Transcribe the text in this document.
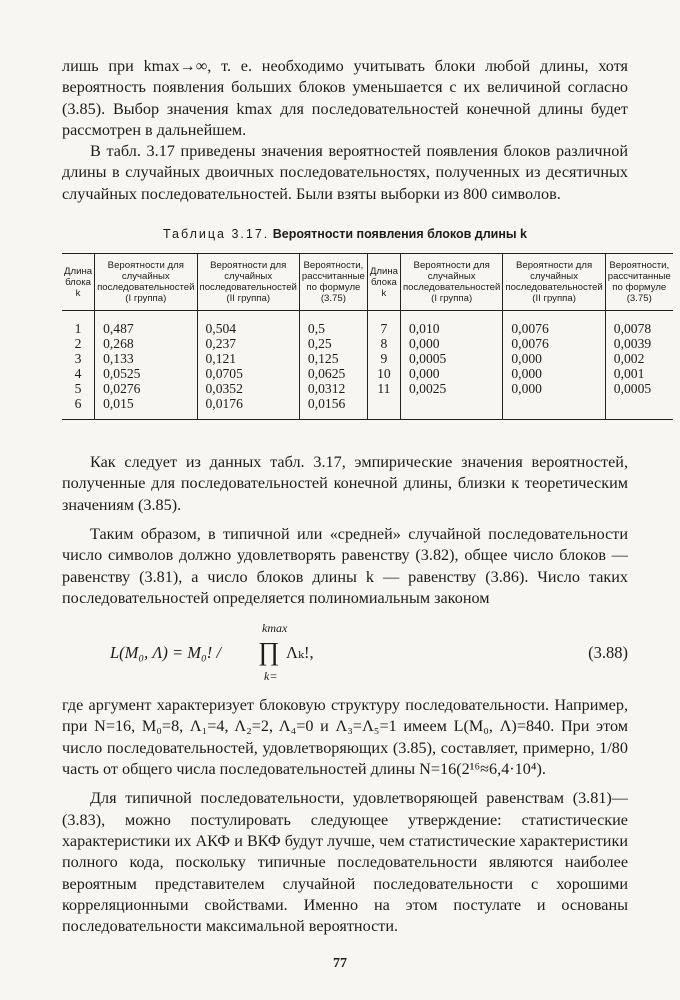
лишь при kmax→∞, т. е. необходимо учитывать блоки любой длины, хотя вероятность появления больших блоков уменьшается с их величиной согласно (3.85). Выбор значения kmax для последовательностей конечной длины будет рассмотрен в дальнейшем.

В табл. 3.17 приведены значения вероятностей появления блоков различной длины в случайных двоичных последовательностях, полученных из десятичных случайных последовательностей. Были взяты выборки из 800 символов.

Таблица 3.17. Вероятности появления блоков длины k
Длина блока k	Вероятности для случайных последовательностей (I группа)	Вероятности для случайных последовательностей (II группа)	Вероятности, рассчитанные по формуле (3.75)	Длина блока k	Вероятности для случайных последовательностей (I группа)	Вероятности для случайных последовательностей (II группа)	Вероятности, рассчитанные по формуле (3.75)
1	0,487	0,504	0,5	7	0,010	0,0076	0,0078
2	0,268	0,237	0,25	8	0,000	0,0076	0,0039
3	0,133	0,121	0,125	9	0,0005	0,000	0,002
4	0,0525	0,0705	0,0625	10	0,000	0,000	0,001
5	0,0276	0,0352	0,0312	11	0,0025	0,000	0,0005
6	0,015	0,0176	0,0156				

Как следует из данных табл. 3.17, эмпирические значения вероятностей, полученные для последовательностей конечной длины, близки к теоретическим значениям (3.85).

Таким образом, в типичной или «средней» случайной последовательности число символов должно удовлетворять равенству (3.82), общее число блоков — равенству (3.81), а число блоков длины k — равенству (3.86). Число таких последовательностей определяется полиномиальным законом

L(M₀, Λ) = M₀! /
kmax
∏
k=
Λₖ!,	(3.88)

где аргумент характеризует блоковую структуру последовательности. Например, при N=16, M₀=8, Λ₁=4, Λ₂=2, Λ₄=0 и Λ₃=Λ₅=1 имеем L(M₀, Λ)=840. При этом число последовательностей, удовлетворяющих (3.85), составляет, примерно, 1/80 часть от общего числа последовательностей длины N=16(2¹⁶≈6,4·10⁴).

Для типичной последовательности, удовлетворяющей равенствам (3.81)—(3.83), можно постулировать следующее утверждение: статистические характеристики их АКФ и ВКФ будут лучше, чем статистические характеристики полного кода, поскольку типичные последовательности являются наиболее вероятным представителем случайной последовательности с хорошими корреляционными свойствами. Именно на этом постулате и основаны последовательности максимальной вероятности.

77
